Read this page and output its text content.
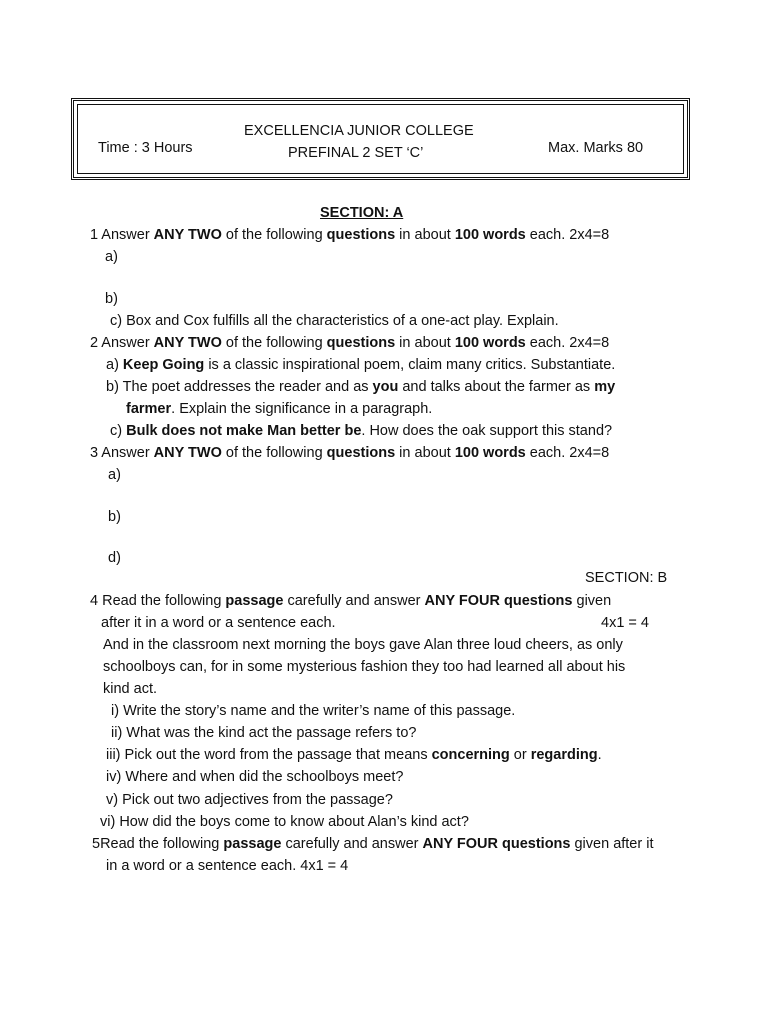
Time : 3 Hours
EXCELLENCIA JUNIOR COLLEGE
PREFINAL 2 SET ‘C’	Max. Marks 80
SECTION: A
1 Answer ANY TWO of the following questions in about 100 words each. 2x4=8
a)
b)
c) Box and Cox fulfills all the characteristics of a one-act play. Explain.
2 Answer ANY TWO of the following questions in about 100 words each. 2x4=8
a) Keep Going is a classic inspirational poem, claim many critics. Substantiate.
b) The poet addresses the reader and as you and talks about the farmer as my
farmer. Explain the significance in a paragraph.
c) Bulk does not make Man better be. How does the oak support this stand?
3 Answer ANY TWO of the following questions in about 100 words each. 2x4=8
a)
b)
d)
SECTION: B
4 Read the following passage carefully and answer ANY FOUR questions given
after it in a word or a sentence each.	4x1 = 4
And in the classroom next morning the boys gave Alan three loud cheers, as only
schoolboys can, for in some mysterious fashion they too had learned all about his
kind act.
i) Write the story’s name and the writer’s name of this passage.
ii) What was the kind act the passage refers to?
iii) Pick out the word from the passage that means concerning or regarding.
iv) Where and when did the schoolboys meet?
v) Pick out two adjectives from the passage?
vi) How did the boys come to know about Alan’s kind act?
5Read the following passage carefully and answer ANY FOUR questions given after it
in a word or a sentence each. 4x1 = 4
